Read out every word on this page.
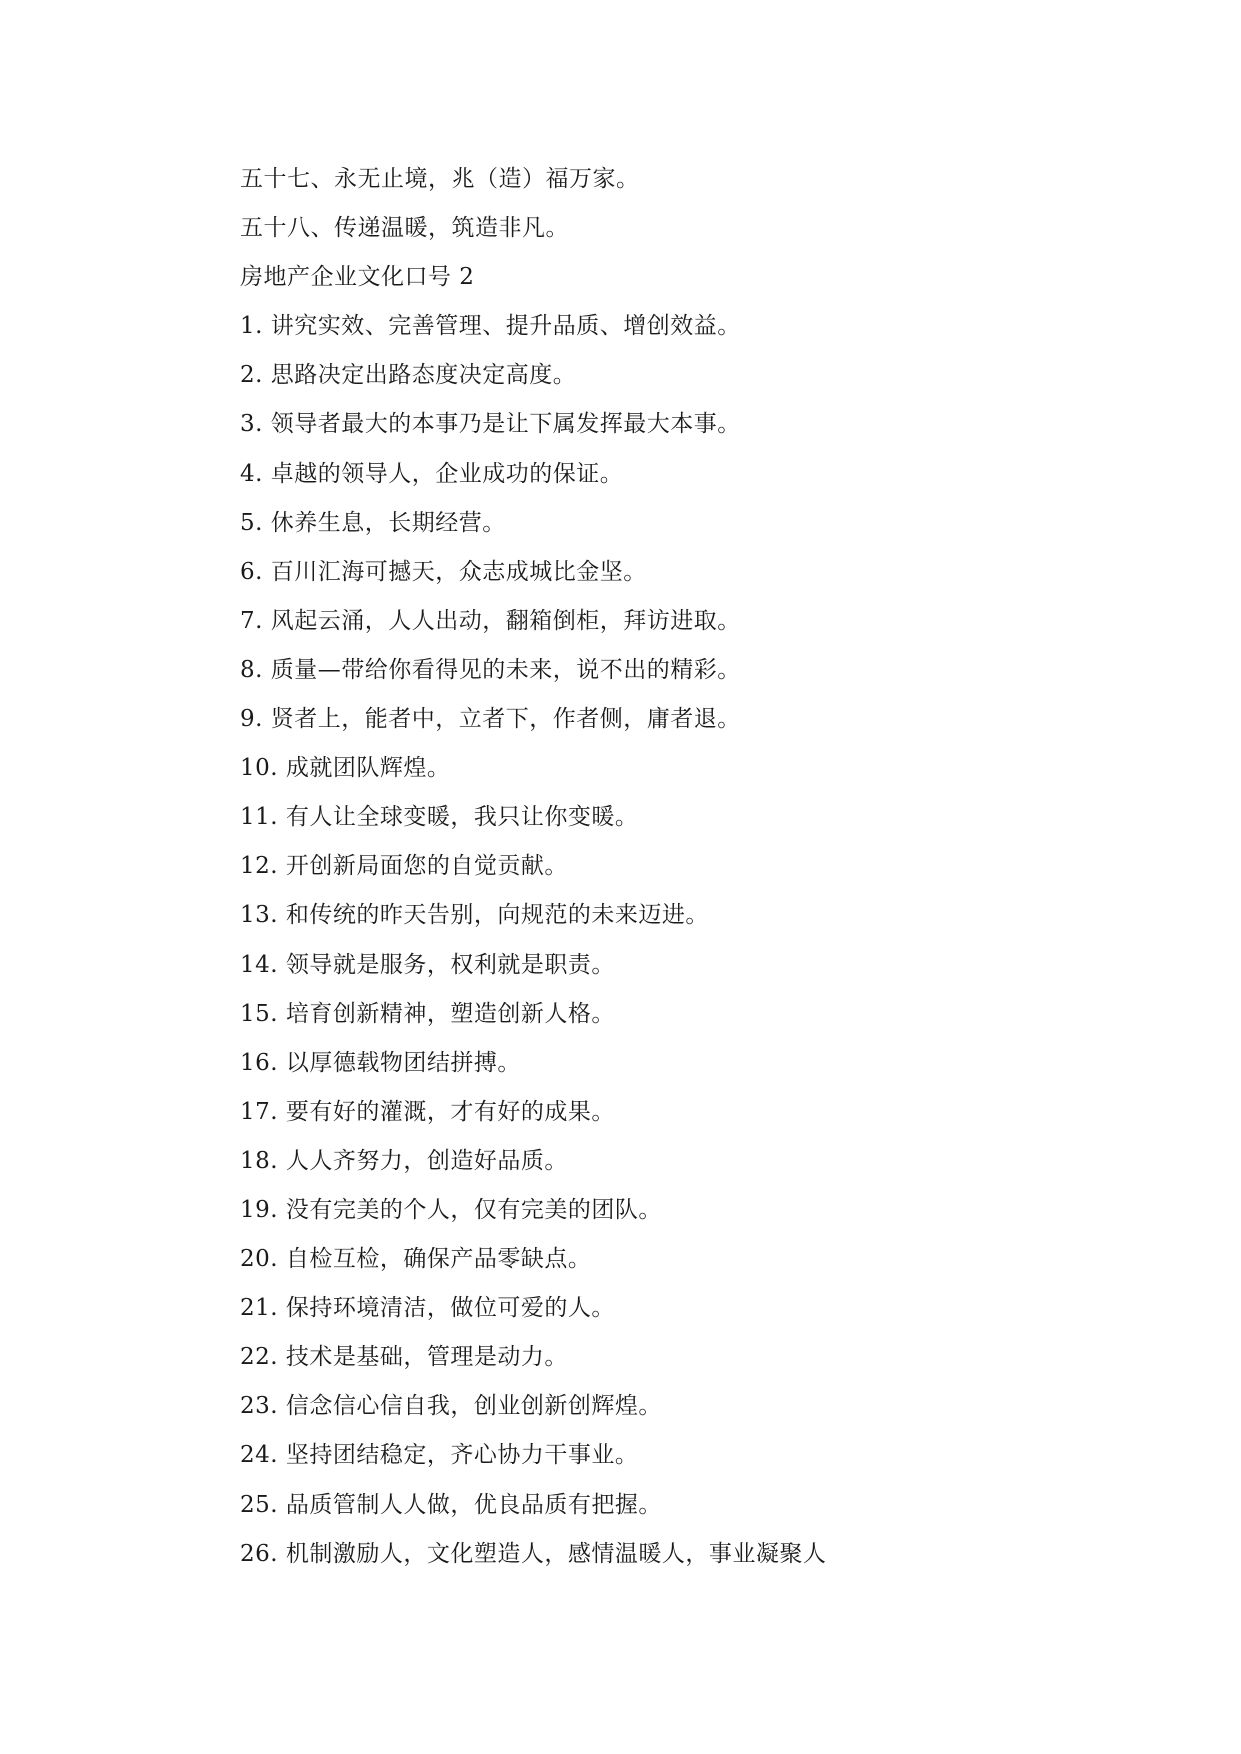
五十七、永无止境，兆（造）福万家。
五十八、传递温暖，筑造非凡。
房地产企业文化口号 2
1. 讲究实效、完善管理、提升品质、增创效益。
2. 思路决定出路态度决定高度。
3. 领导者最大的本事乃是让下属发挥最大本事。
4. 卓越的领导人，企业成功的保证。
5. 休养生息，长期经营。
6. 百川汇海可撼天，众志成城比金坚。
7. 风起云涌，人人出动，翻箱倒柜，拜访进取。
8. 质量—带给你看得见的未来，说不出的精彩。
9. 贤者上，能者中，立者下，作者侧，庸者退。
10. 成就团队辉煌。
11. 有人让全球变暖，我只让你变暖。
12. 开创新局面您的自觉贡献。
13. 和传统的昨天告别，向规范的未来迈进。
14. 领导就是服务，权利就是职责。
15. 培育创新精神，塑造创新人格。
16. 以厚德载物团结拼搏。
17. 要有好的灌溉，才有好的成果。
18. 人人齐努力，创造好品质。
19. 没有完美的个人，仅有完美的团队。
20. 自检互检，确保产品零缺点。
21. 保持环境清洁，做位可爱的人。
22. 技术是基础，管理是动力。
23. 信念信心信自我，创业创新创辉煌。
24. 坚持团结稳定，齐心协力干事业。
25. 品质管制人人做，优良品质有把握。
26. 机制激励人，文化塑造人，感情温暖人，事业凝聚人
